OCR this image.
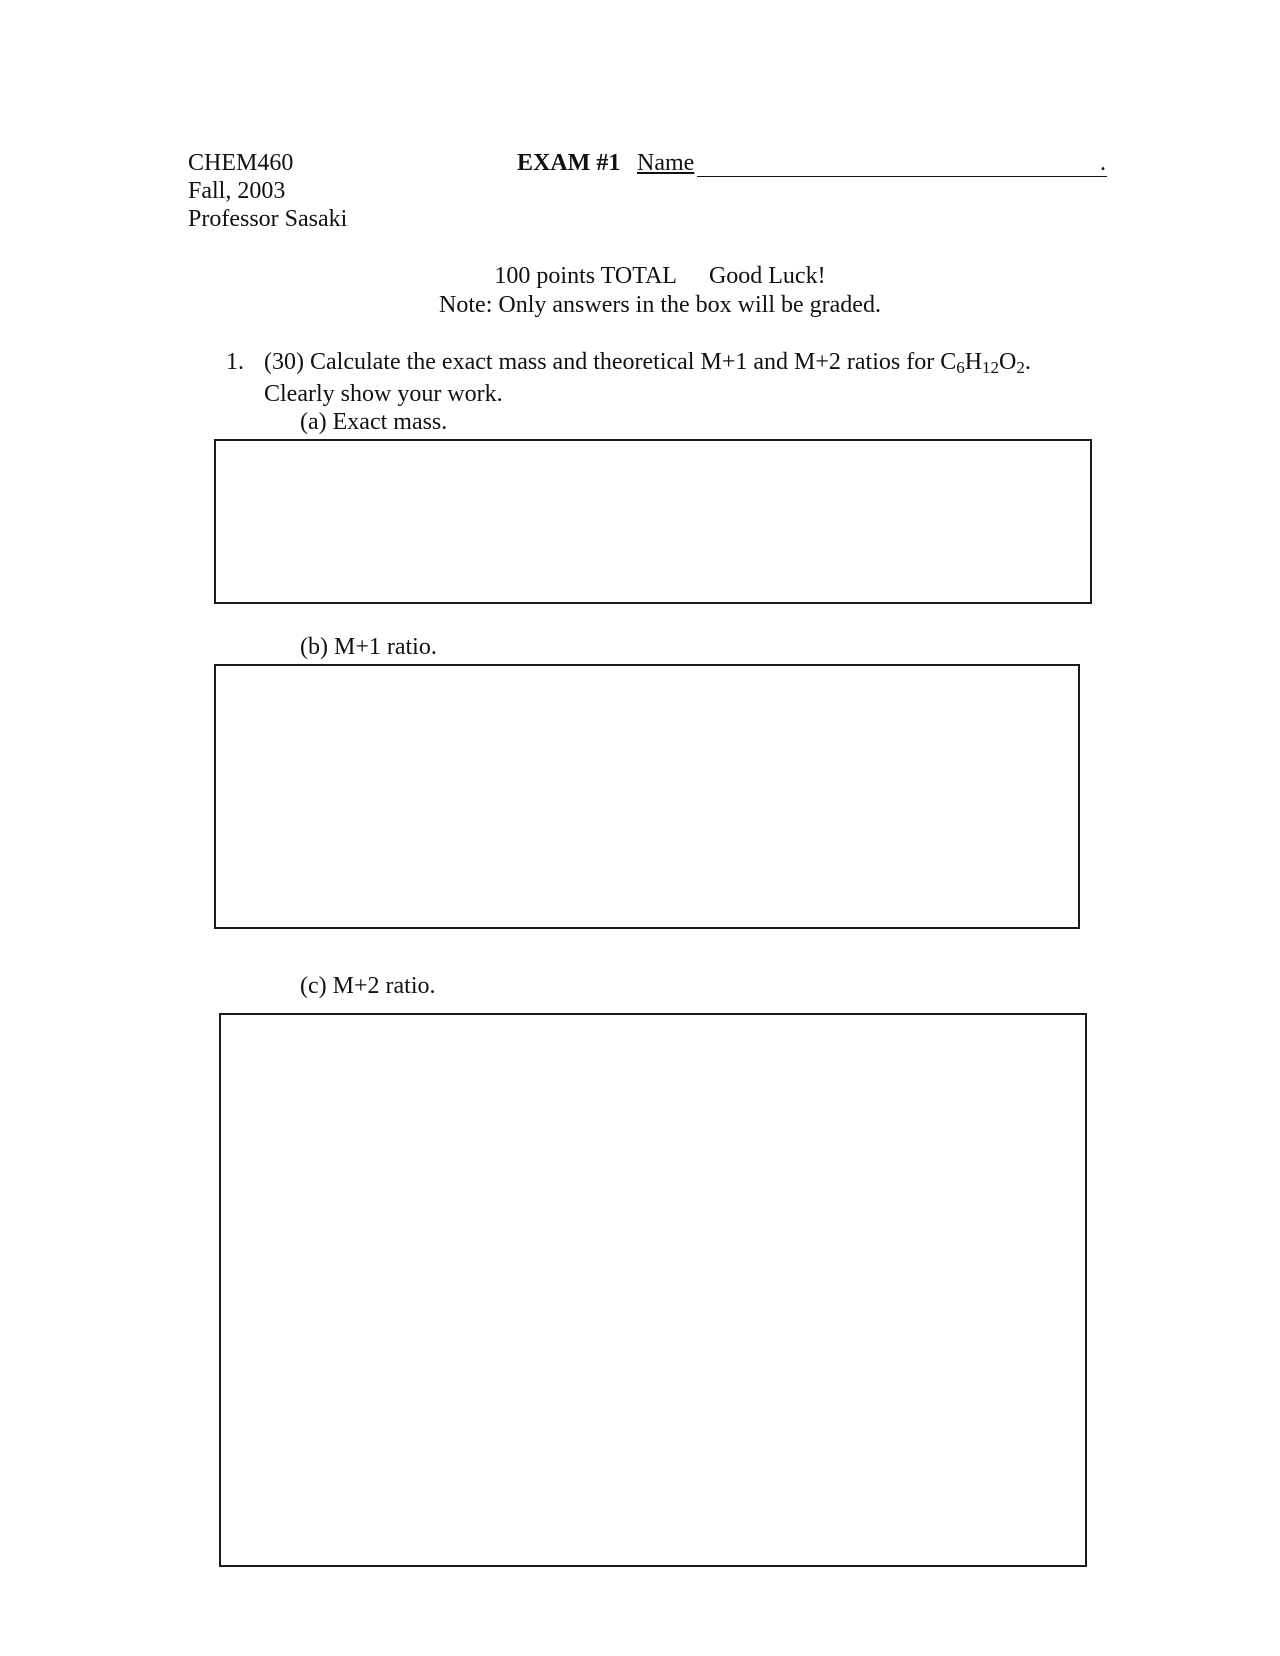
CHEM460
Fall, 2003
Professor Sasaki
EXAM #1 Name	.
100 points TOTAL Good Luck!
Note: Only answers in the box will be graded.
1. (30) Calculate the exact mass and theoretical M+1 and M+2 ratios for $C_6H_{12}O_2$.
Clearly show your work.
(a) Exact mass.
(b) M+1 ratio.
(c) M+2 ratio.
